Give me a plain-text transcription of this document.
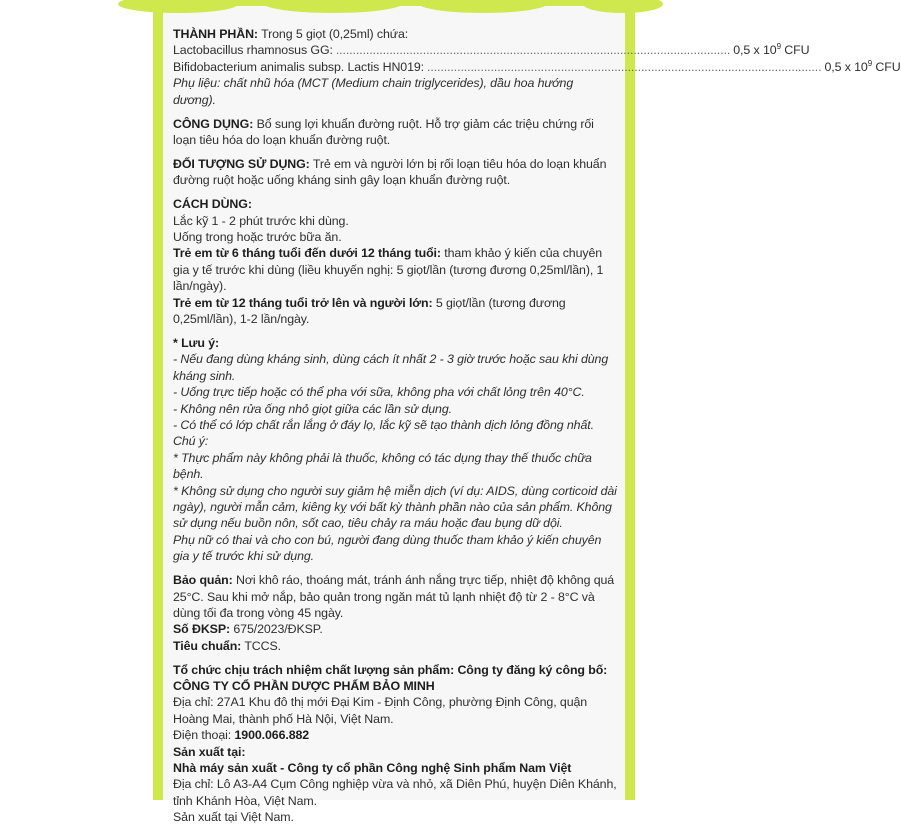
THÀNH PHẦN: Trong 5 giọt (0,25ml) chứa:

Lactobacillus rhamnosus GG: ...................................................................................................................... 0,5 x $10^9$ CFU
Bifidobacterium animalis subsp. Lactis HN019: ...................................................................................................................... 0,5 x $10^9$ CFU

Phụ liệu: chất nhũ hóa (MCT (Medium chain triglycerides), dầu hoa hướng dương).

CÔNG DỤNG: Bổ sung lợi khuẩn đường ruột. Hỗ trợ giảm các triệu chứng rối loạn tiêu hóa do loạn khuẩn đường ruột.

ĐỐI TƯỢNG SỬ DỤNG: Trẻ em và người lớn bị rối loạn tiêu hóa do loạn khuẩn đường ruột hoặc uống kháng sinh gây loạn khuẩn đường ruột.

CÁCH DÙNG:

Lắc kỹ 1 - 2 phút trước khi dùng.

Uống trong hoặc trước bữa ăn.

Trẻ em từ 6 tháng tuổi đến dưới 12 tháng tuổi: tham khảo ý kiến của chuyên gia y tế trước khi dùng (liều khuyến nghị: 5 giọt/lần (tương đương 0,25ml/lần), 1 lần/ngày).

Trẻ em từ 12 tháng tuổi trở lên và người lớn: 5 giọt/lần (tương đương 0,25ml/lần), 1-2 lần/ngày.

* Lưu ý:

- Nếu đang dùng kháng sinh, dùng cách ít nhất 2 - 3 giờ trước hoặc sau khi dùng kháng sinh.

- Uống trực tiếp hoặc có thể pha với sữa, không pha với chất lỏng trên 40°C.

- Không nên rửa ống nhỏ giọt giữa các lần sử dụng.

- Có thể có lớp chất rắn lắng ở đáy lọ, lắc kỹ sẽ tạo thành dịch lỏng đồng nhất.

Chú ý:

* Thực phẩm này không phải là thuốc, không có tác dụng thay thế thuốc chữa bệnh.

* Không sử dụng cho người suy giảm hệ miễn dịch (ví dụ: AIDS, dùng corticoid dài ngày), người mẫn cảm, kiêng kỵ với bất kỳ thành phần nào của sản phẩm. Không sử dụng nếu buồn nôn, sốt cao, tiêu chảy ra máu hoặc đau bụng dữ dội.

Phụ nữ có thai và cho con bú, người đang dùng thuốc tham khảo ý kiến chuyên gia y tế trước khi sử dụng.

Bảo quản: Nơi khô ráo, thoáng mát, tránh ánh nắng trực tiếp, nhiệt độ không quá 25°C. Sau khi mở nắp, bảo quản trong ngăn mát tủ lạnh nhiệt độ từ 2 - 8°C và dùng tối đa trong vòng 45 ngày.

Số ĐKSP: 675/2023/ĐKSP.

Tiêu chuẩn: TCCS.

Tổ chức chịu trách nhiệm chất lượng sản phẩm: Công ty đăng ký công bố:

CÔNG TY CỔ PHẦN DƯỢC PHẨM BẢO MINH

Địa chỉ: 27A1 Khu đô thị mới Đại Kim - Định Công, phường Định Công, quận Hoàng Mai, thành phố Hà Nội, Việt Nam.

Điện thoại: 1900.066.882

Sản xuất tại:

Nhà máy sản xuất - Công ty cổ phần Công nghệ Sinh phẩm Nam Việt

Địa chỉ: Lô A3-A4 Cụm Công nghiệp vừa và nhỏ, xã Diên Phú, huyện Diên Khánh, tỉnh Khánh Hòa, Việt Nam.

Sản xuất tại Việt Nam.
